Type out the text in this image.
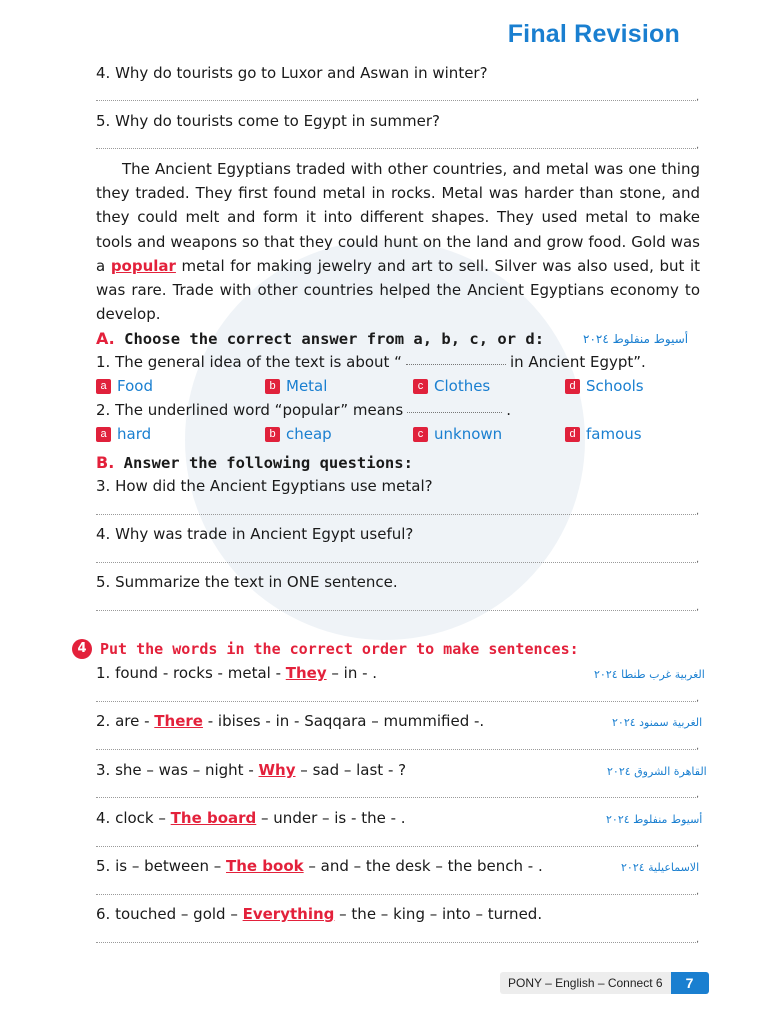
Final Revision
4. Why do tourists go to Luxor and Aswan in winter?
.
5. Why do tourists come to Egypt in summer?
.
The Ancient Egyptians traded with other countries, and metal was one thing they traded. They first found metal in rocks. Metal was harder than stone, and they could melt and form it into different shapes. They used metal to make tools and weapons so that they could hunt on the land and grow food. Gold was a popular metal for making jewelry and art to sell. Silver was also used, but it was rare. Trade with other countries helped the Ancient Egyptians economy to develop.
A. Choose the correct answer from a, b, c, or d:	أسيوط منفلوط ٢٠٢٤
1. The general idea of the text is about “	in Ancient Egypt”.
a Food	b Metal	c Clothes	d Schools
2. The underlined word “popular” means	.
a hard	b cheap	c unknown	d famous
B. Answer the following questions:
3. How did the Ancient Egyptians use metal?
.
4. Why was trade in Ancient Egypt useful?
.
5. Summarize the text in ONE sentence.
.
4 Put the words in the correct order to make sentences:
1. found - rocks - metal - They – in - .	الغربية غرب طنطا ٢٠٢٤
.
2. are - There - ibises - in - Saqqara – mummified -.	الغربية سمنود ٢٠٢٤
.
3. she – was – night - Why – sad – last - ?	القاهرة الشروق ٢٠٢٤
.
4. clock – The board – under – is - the - .	أسيوط منفلوط ٢٠٢٤
.
5. is – between – The book – and – the desk – the bench - .	الاسماعيلية ٢٠٢٤
.
6. touched – gold – Everything – the – king – into – turned.
.
PONY – English – Connect 6	7
